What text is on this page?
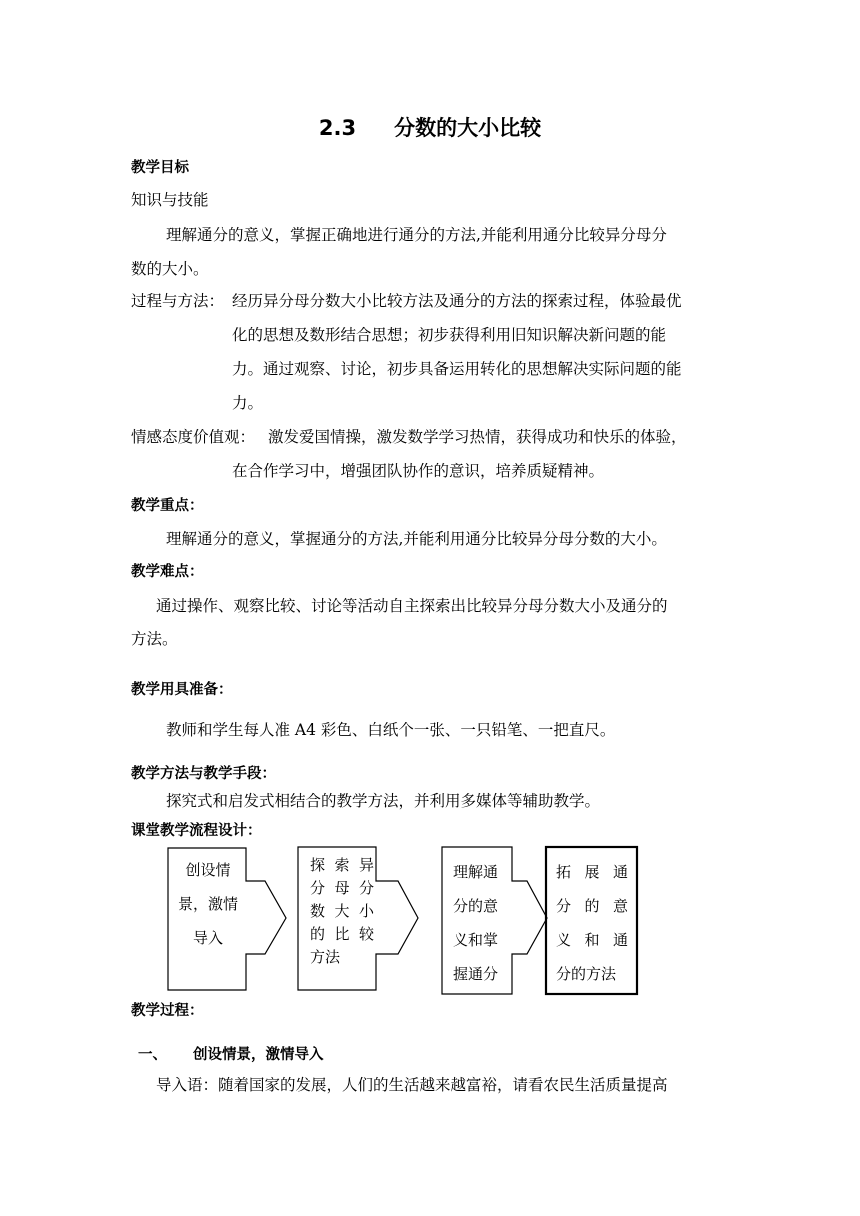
2.3 分数的大小比较
教学目标
知识与技能
理解通分的意义，掌握正确地进行通分的方法,并能利用通分比较异分母分
数的大小。
过程与方法： 经历异分母分数大小比较方法及通分的方法的探索过程，体验最优
化的思想及数形结合思想；初步获得利用旧知识解决新问题的能
力。通过观察、讨论，初步具备运用转化的思想解决实际问题的能
力。
情感态度价值观： 激发爱国情操，激发数学学习热情，获得成功和快乐的体验，
在合作学习中，增强团队协作的意识，培养质疑精神。
教学重点：
理解通分的意义，掌握通分的方法,并能利用通分比较异分母分数的大小。
教学难点：
通过操作、观察比较、讨论等活动自主探索出比较异分母分数大小及通分的
方法。
教学用具准备：
教师和学生每人准 A4 彩色、白纸个一张、一只铅笔、一把直尺。
教学方法与教学手段：
探究式和启发式相结合的教学方法，并利用多媒体等辅助教学。
课堂教学流程设计：
创设情
景，激情
导入
探 索 异
分 母 分
数 大 小
的 比 较
方法
理解通
分的意
义和掌
握通分
拓 展 通
分 的 意
义 和 通
分的方法
教学过程：
一、 创设情景，激情导入
导入语：随着国家的发展，人们的生活越来越富裕，请看农民生活质量提高
